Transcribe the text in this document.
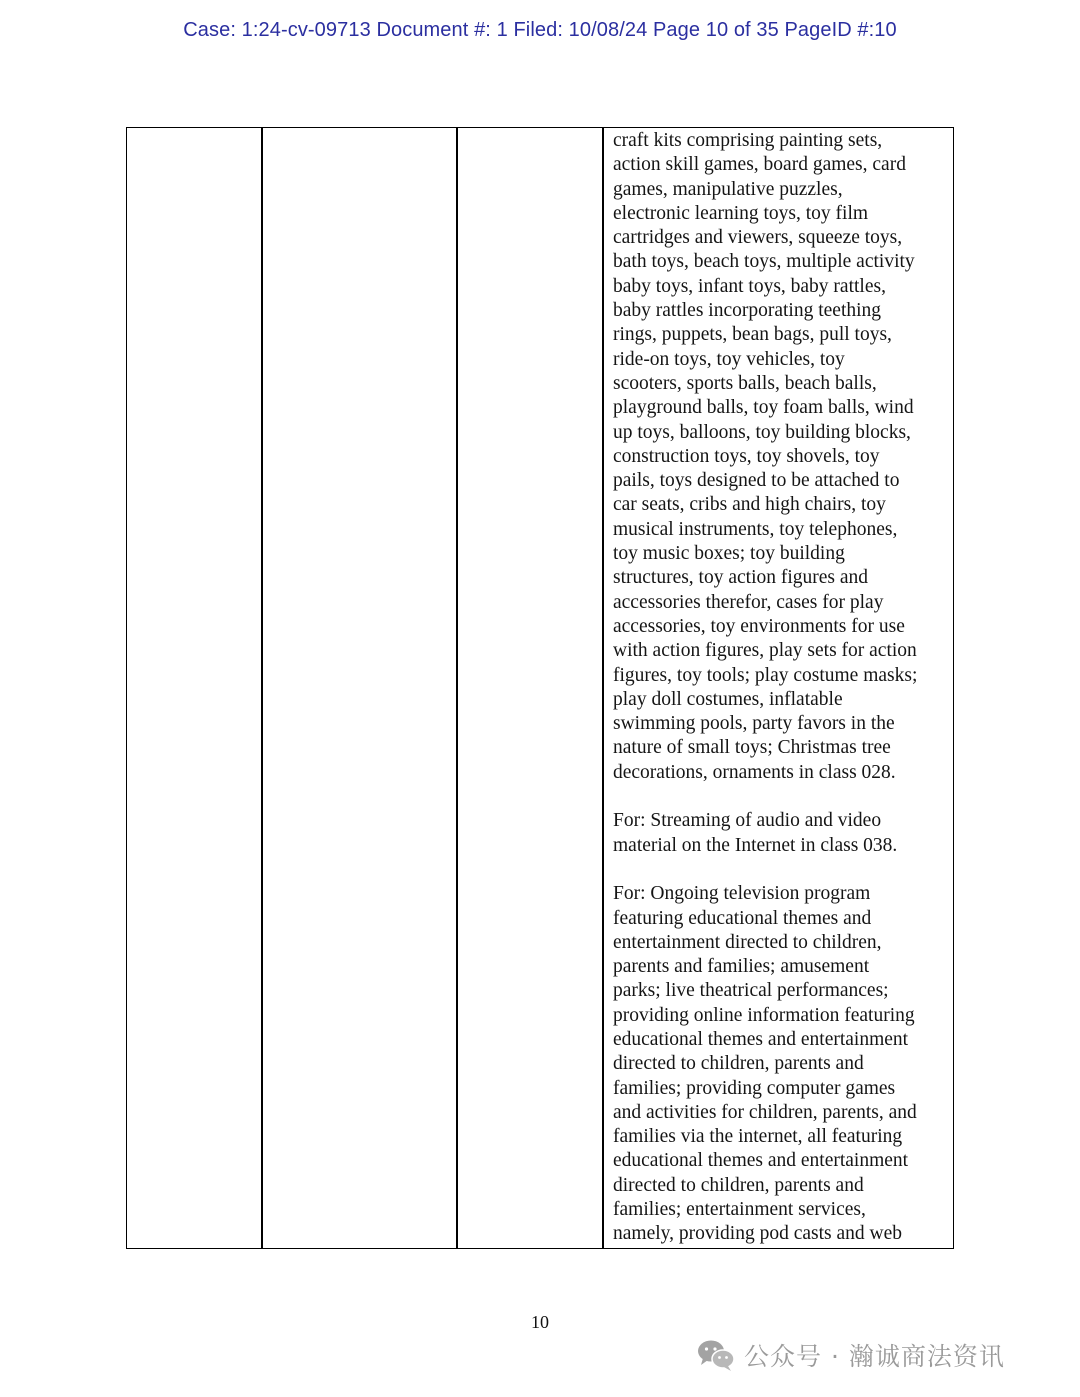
Case: 1:24-cv-09713 Document #: 1 Filed: 10/08/24 Page 10 of 35 PageID #:10

craft kits comprising painting sets,
action skill games, board games, card
games, manipulative puzzles,
electronic learning toys, toy film
cartridges and viewers, squeeze toys,
bath toys, beach toys, multiple activity
baby toys, infant toys, baby rattles,
baby rattles incorporating teething
rings, puppets, bean bags, pull toys,
ride-on toys, toy vehicles, toy
scooters, sports balls, beach balls,
playground balls, toy foam balls, wind
up toys, balloons, toy building blocks,
construction toys, toy shovels, toy
pails, toys designed to be attached to
car seats, cribs and high chairs, toy
musical instruments, toy telephones,
toy music boxes; toy building
structures, toy action figures and
accessories therefor, cases for play
accessories, toy environments for use
with action figures, play sets for action
figures, toy tools; play costume masks;
play doll costumes, inflatable
swimming pools, party favors in the
nature of small toys; Christmas tree
decorations, ornaments in class 028.

For: Streaming of audio and video
material on the Internet in class 038.

For: Ongoing television program
featuring educational themes and
entertainment directed to children,
parents and families; amusement
parks; live theatrical performances;
providing online information featuring
educational themes and entertainment
directed to children, parents and
families; providing computer games
and activities for children, parents, and
families via the internet, all featuring
educational themes and entertainment
directed to children, parents and
families; entertainment services,
namely, providing pod casts and web

10
公众号 · 瀚诚商法资讯
